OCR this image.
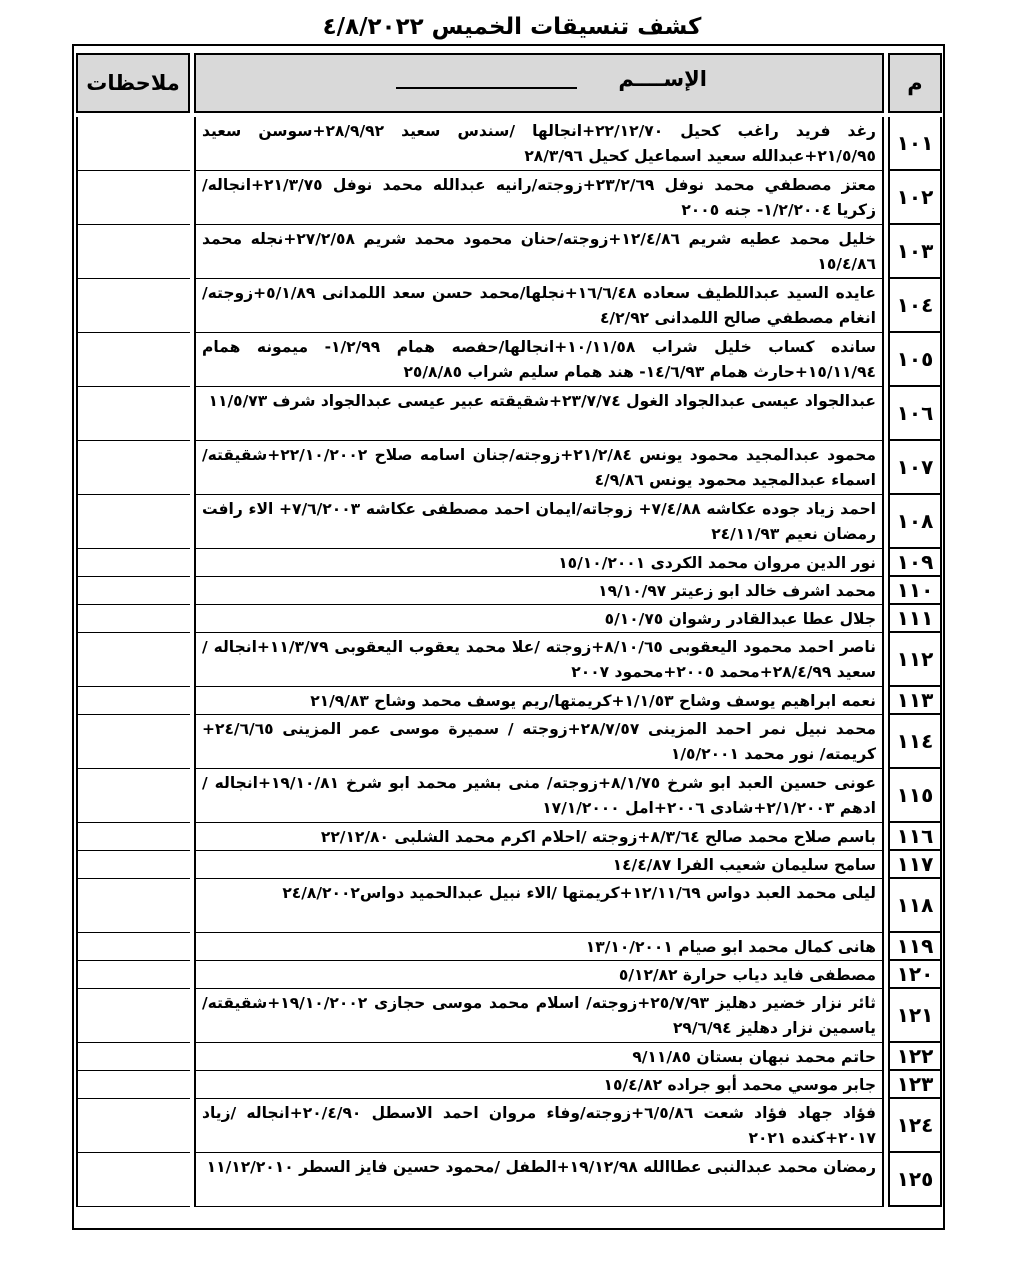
كشف تنسيقات الخميس ٤/٨/٢٠٢٢
م
الإســــم
ملاحظات
١٠١
رغد فريد راغب كحيل ٢٢/١٢/٧٠+انجالها /سندس سعيد ٢٨/٩/٩٢+سوسن سعيد ٢١/٥/٩٥+عبدالله سعيد اسماعيل كحيل ٢٨/٣/٩٦
١٠٢
معتز مصطفي محمد نوفل ٢٣/٢/٦٩+زوجته/رانيه عبدالله محمد نوفل ٢١/٣/٧٥+انجاله/زكريا ١/٢/٢٠٠٤- جنه ٢٠٠٥
١٠٣
خليل محمد عطيه شريم ١٢/٤/٨٦+زوجته/حنان محمود محمد شريم ٢٧/٢/٥٨+نجله محمد ١٥/٤/٨٦
١٠٤
عايده السيد عبداللطيف سعاده ١٦/٦/٤٨+نجلها/محمد حسن سعد اللمدانى ٥/١/٨٩+زوجته/انغام مصطفي صالح اللمدانى ٤/٢/٩٢
١٠٥
سانده كساب خليل شراب ١٠/١١/٥٨+انجالها/حفصه همام ١/٢/٩٩- ميمونه همام ١٥/١١/٩٤+حارث همام ١٤/٦/٩٣- هند همام سليم شراب ٢٥/٨/٨٥
١٠٦
عبدالجواد عيسى عبدالجواد الغول ٢٣/٧/٧٤+شقيقته عبير عيسى عبدالجواد شرف ١١/٥/٧٣
١٠٧
محمود عبدالمجيد محمود يونس ٢١/٢/٨٤+زوجته/جنان اسامه صلاح ٢٢/١٠/٢٠٠٢+شقيقته/اسماء عبدالمجيد محمود يونس ٤/٩/٨٦
١٠٨
احمد زياد جوده عكاشه ٧/٤/٨٨+ زوجاته/ايمان احمد مصطفى عكاشه ٧/٦/٢٠٠٣+ الاء رافت رمضان نعيم ٢٤/١١/٩٣
١٠٩
نور الدين مروان محمد الكردى ١٥/١٠/٢٠٠١
١١٠
محمد اشرف خالد ابو زعيتر ١٩/١٠/٩٧
١١١
جلال عطا عبدالقادر رشوان ٥/١٠/٧٥
١١٢
ناصر احمد محمود اليعقوبى ٨/١٠/٦٥+زوجته /علا محمد يعقوب اليعقوبى ١١/٣/٧٩+انجاله /سعيد ٢٨/٤/٩٩+محمد ٢٠٠٥+محمود ٢٠٠٧
١١٣
نعمه ابراهيم يوسف وشاح ١/١/٥٣+كريمتها/ريم يوسف محمد وشاح ٢١/٩/٨٣
١١٤
محمد نبيل نمر احمد المزينى ٢٨/٧/٥٧+زوجته / سميرة موسى عمر المزينى ٢٤/٦/٦٥+ كريمته/ نور محمد ١/٥/٢٠٠١
١١٥
عونى حسين العبد ابو شرخ ٨/١/٧٥+زوجته/ منى بشير محمد ابو شرخ ١٩/١٠/٨١+انجاله /ادهم ٢/١/٢٠٠٣+شادى ٢٠٠٦+امل ١٧/١/٢٠٠٠
١١٦
باسم صلاح محمد صالح ٨/٣/٦٤+زوجته /احلام اكرم محمد الشلبى ٢٢/١٢/٨٠
١١٧
سامح سليمان شعيب الفرا ١٤/٤/٨٧
١١٨
ليلى محمد العبد دواس ١٢/١١/٦٩+كريمتها /الاء نبيل عبدالحميد دواس٢٤/٨/٢٠٠٢
١١٩
هانى كمال محمد ابو صيام ١٣/١٠/٢٠٠١
١٢٠
مصطفى فايد دياب حرارة ٥/١٢/٨٢
١٢١
ثائر نزار خضير دهليز ٢٥/٧/٩٣+زوجته/ اسلام محمد موسى حجازى ١٩/١٠/٢٠٠٢+شقيقته/ياسمين نزار دهليز ٢٩/٦/٩٤
١٢٢
حاتم محمد نبهان بستان ٩/١١/٨٥
١٢٣
جابر موسي محمد أبو جراده ١٥/٤/٨٢
١٢٤
فؤاد جهاد فؤاد شعت ٦/٥/٨٦+زوجته/وفاء مروان احمد الاسطل ٢٠/٤/٩٠+انجاله /زياد ٢٠١٧+كنده ٢٠٢١
١٢٥
رمضان محمد عبدالنبى عطاالله ١٩/١٢/٩٨+الطفل /محمود حسين فايز السطر ١١/١٢/٢٠١٠
